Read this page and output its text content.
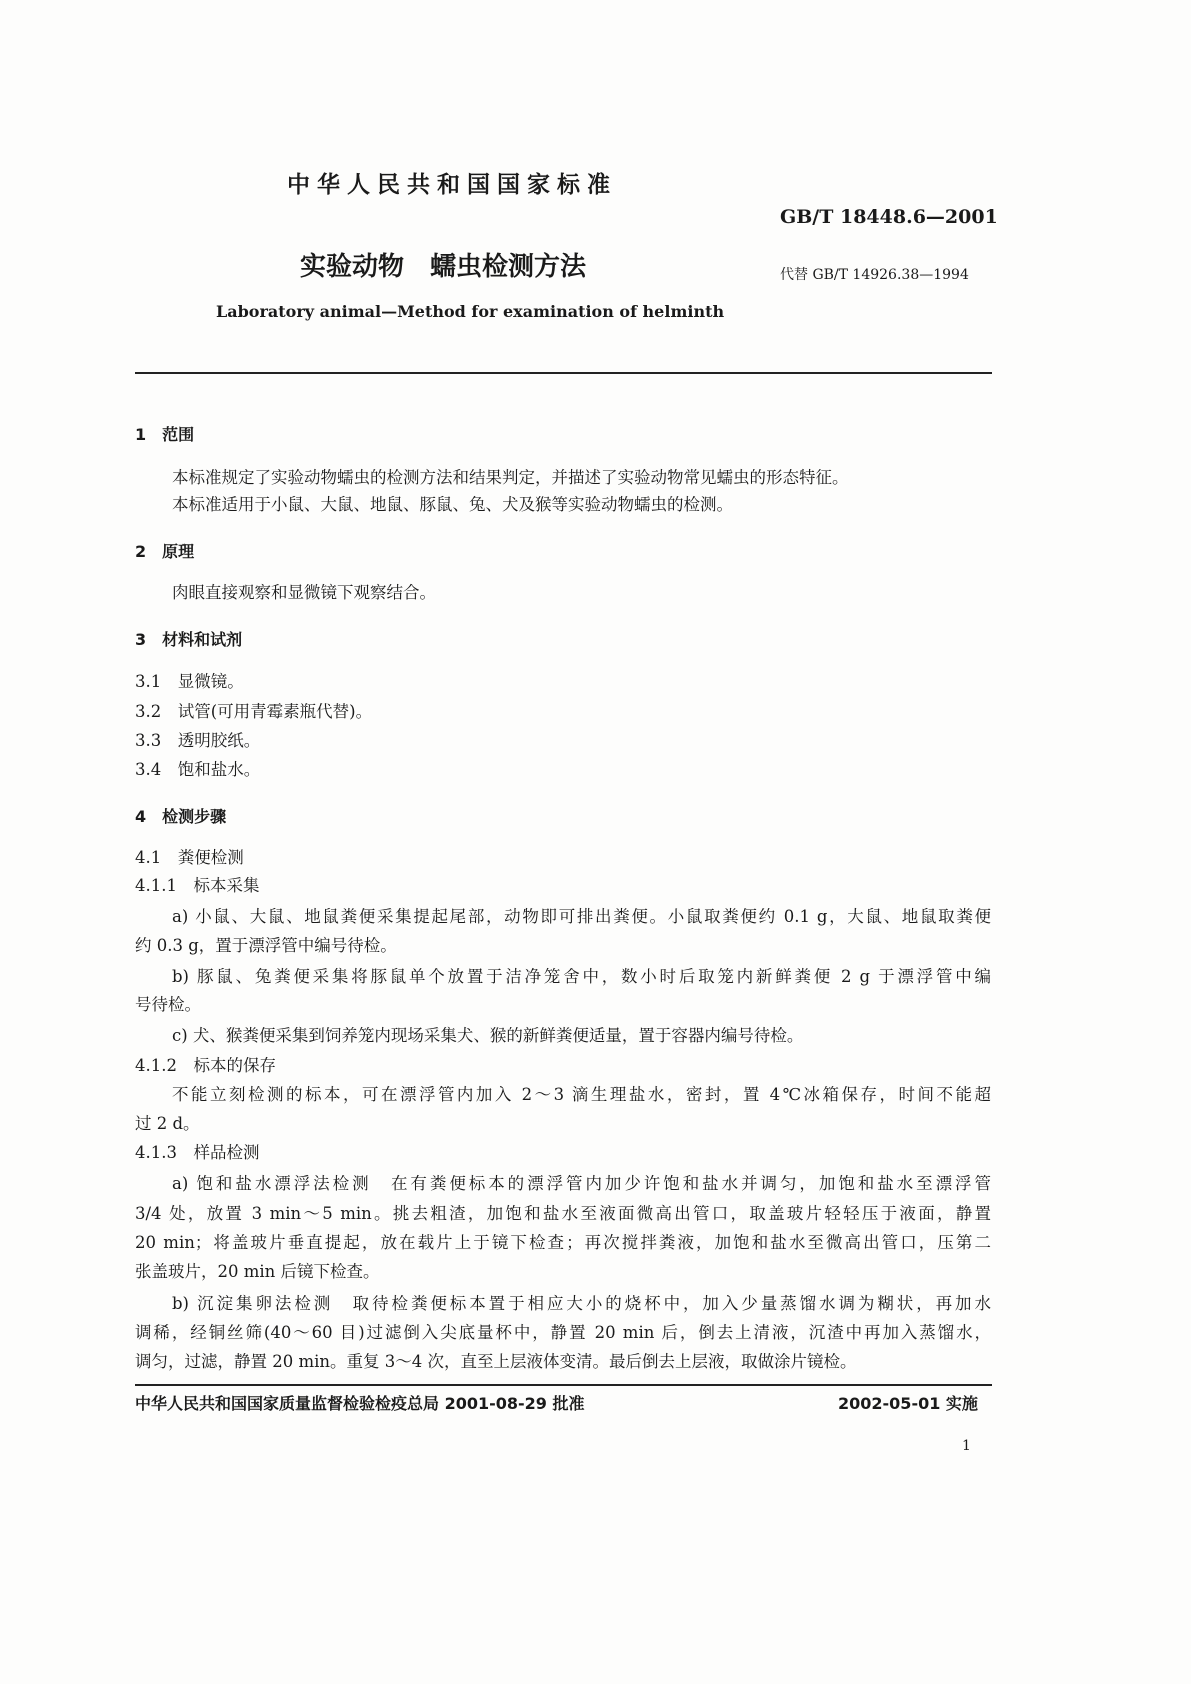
中华人民共和国国家标准
GB/T 18448.6—2001
实验动物　蠕虫检测方法	代替 GB/T 14926.38—1994
Laboratory animal—Method for examination of helminth
1　范围
本标准规定了实验动物蠕虫的检测方法和结果判定，并描述了实验动物常见蠕虫的形态特征。
本标准适用于小鼠、大鼠、地鼠、豚鼠、兔、犬及猴等实验动物蠕虫的检测。
2　原理
肉眼直接观察和显微镜下观察结合。
3　材料和试剂
3.1　显微镜。
3.2　试管(可用青霉素瓶代替)。
3.3　透明胶纸。
3.4　饱和盐水。
4　检测步骤
4.1　粪便检测
4.1.1　标本采集
a) 小鼠、大鼠、地鼠粪便采集提起尾部，动物即可排出粪便。小鼠取粪便约 0.1 g，大鼠、地鼠取粪便
约 0.3 g，置于漂浮管中编号待检。
b) 豚鼠、兔粪便采集将豚鼠单个放置于洁净笼舍中，数小时后取笼内新鲜粪便 2 g 于漂浮管中编
号待检。
c) 犬、猴粪便采集到饲养笼内现场采集犬、猴的新鲜粪便适量，置于容器内编号待检。
4.1.2　标本的保存
不能立刻检测的标本，可在漂浮管内加入 2～3 滴生理盐水，密封，置 4℃冰箱保存，时间不能超
过 2 d。
4.1.3　样品检测
a) 饱和盐水漂浮法检测　在有粪便标本的漂浮管内加少许饱和盐水并调匀，加饱和盐水至漂浮管
3/4 处，放置 3 min～5 min。挑去粗渣，加饱和盐水至液面微高出管口，取盖玻片轻轻压于液面，静置
20 min；将盖玻片垂直提起，放在载片上于镜下检查；再次搅拌粪液，加饱和盐水至微高出管口，压第二
张盖玻片，20 min 后镜下检查。
b) 沉淀集卵法检测　取待检粪便标本置于相应大小的烧杯中，加入少量蒸馏水调为糊状，再加水
调稀，经铜丝筛(40～60 目)过滤倒入尖底量杯中，静置 20 min 后，倒去上清液，沉渣中再加入蒸馏水，
调匀，过滤，静置 20 min。重复 3～4 次，直至上层液体变清。最后倒去上层液，取做涂片镜检。
中华人民共和国国家质量监督检验检疫总局 2001-08-29 批准	2002-05-01 实施
1
